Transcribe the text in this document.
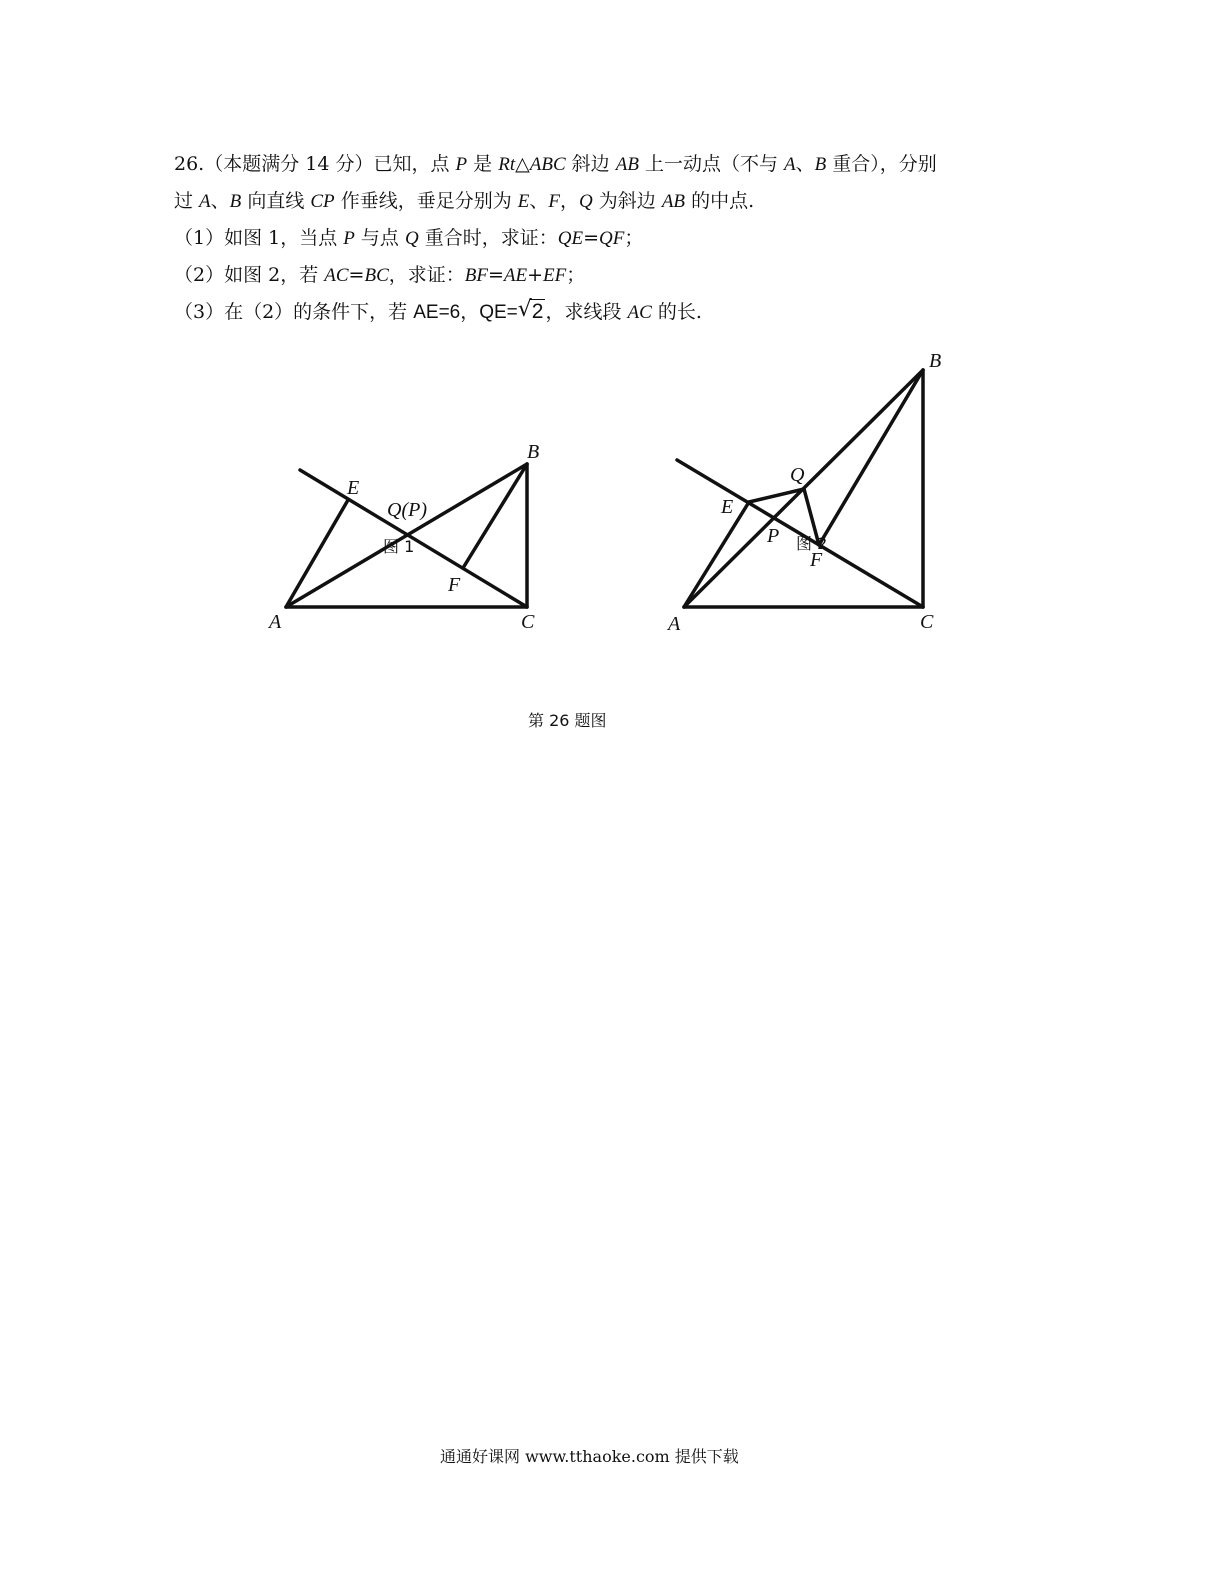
26.（本题满分 14 分）已知，点 P 是 Rt△ABC 斜边 AB 上一动点（不与 A、B 重合），分别
过 A、B 向直线 CP 作垂线，垂足分别为 E、F，Q 为斜边 AB 的中点.
（1）如图 1，当点 P 与点 Q 重合时，求证：QE=QF；
（2）如图 2，若 AC=BC，求证：BF=AE+EF；
（3）在（2）的条件下，若 AE=6，QE= √ 2 ，求线段 AC 的长.
A	C
B
E
F
Q(P)
图 1
A	C
B
E
Q
P
F
图 2
第 26 题图
通通好课网 www.tthaoke.com 提供下载
